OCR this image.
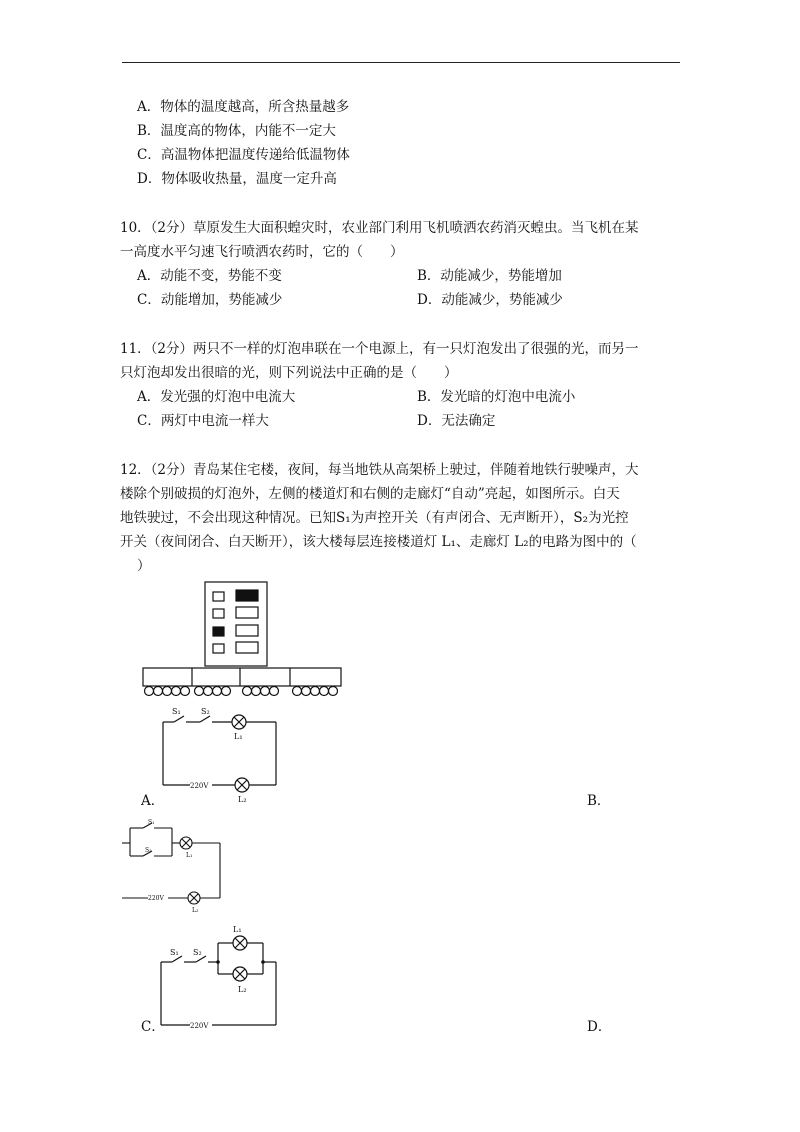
A．物体的温度越高，所含热量越多
B．温度高的物体，内能不一定大
C．高温物体把温度传递给低温物体
D．物体吸收热量，温度一定升高
10．（2分）草原发生大面积蝗灾时，农业部门利用飞机喷洒农药消灭蝗虫。当飞机在某
一高度水平匀速飞行喷洒农药时，它的（　　）
A．动能不变，势能不变	B．动能减少，势能增加
C．动能增加，势能减少	D．动能减少，势能减少
11．（2分）两只不一样的灯泡串联在一个电源上，有一只灯泡发出了很强的光，而另一
只灯泡却发出很暗的光，则下列说法中正确的是（　　）
A．发光强的灯泡中电流大	B．发光暗的灯泡中电流小
C．两灯中电流一样大	D．无法确定
12．（2分）青岛某住宅楼，夜间，每当地铁从高架桥上驶过，伴随着地铁行驶噪声，大
楼除个别破损的灯泡外，左侧的楼道灯和右侧的走廊灯“自动”亮起，如图所示。白天
地铁驶过，不会出现这种情况。已知S₁为声控开关（有声闭合、无声断开），S₂为光控
开关（夜间闭合、白天断开），该大楼每层连接楼道灯 L₁、走廊灯 L₂的电路为图中的（
）
A．	B．
C．	D．
S₁	S₂
L₁
220V
L₂
S₁
S₂
L₁
220V
L₂
S₁ S₂
L₁
220V
L₂
